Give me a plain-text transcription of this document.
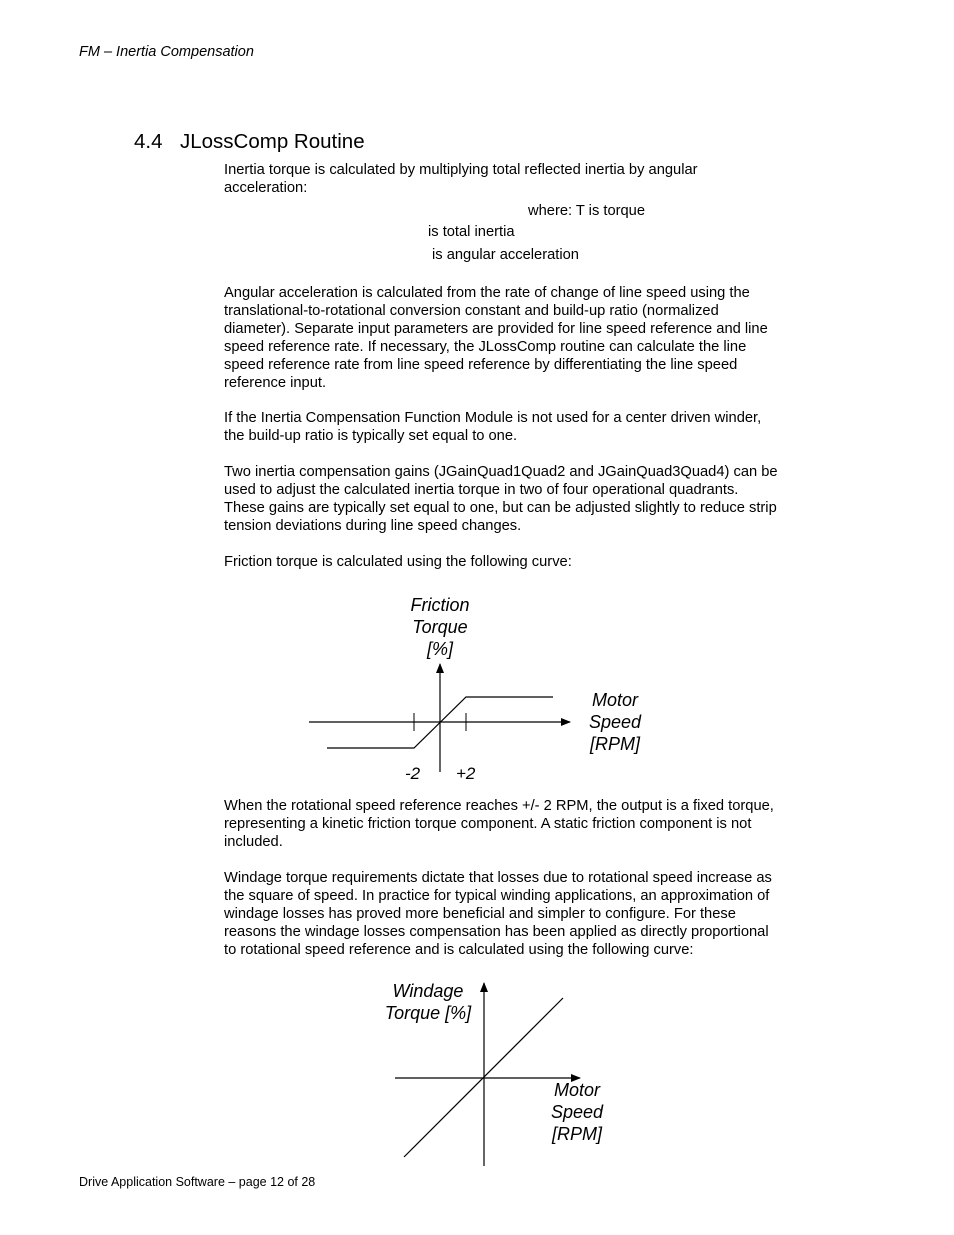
FM – Inertia Compensation
4.4 JLossComp Routine
Inertia torque is calculated by multiplying total reflected inertia by angular
acceleration:
where: T is torque
is total inertia
is angular acceleration
Angular acceleration is calculated from the rate of change of line speed using the
translational-to-rotational conversion constant and build-up ratio (normalized
diameter). Separate input parameters are provided for line speed reference and line
speed reference rate. If necessary, the JLossComp routine can calculate the line
speed reference rate from line speed reference by differentiating the line speed
reference input.
If the Inertia Compensation Function Module is not used for a center driven winder,
the build-up ratio is typically set equal to one.
Two inertia compensation gains (JGainQuad1Quad2 and JGainQuad3Quad4) can be
used to adjust the calculated inertia torque in two of four operational quadrants.
These gains are typically set equal to one, but can be adjusted slightly to reduce strip
tension deviations during line speed changes.
Friction torque is calculated using the following curve:
Friction
Torque
[%]
Motor
Speed
[RPM]
-2 +2
When the rotational speed reference reaches +/- 2 RPM, the output is a fixed torque,
representing a kinetic friction torque component. A static friction component is not
included.
Windage torque requirements dictate that losses due to rotational speed increase as
the square of speed. In practice for typical winding applications, an approximation of
windage losses has proved more beneficial and simpler to configure. For these
reasons the windage losses compensation has been applied as directly proportional
to rotational speed reference and is calculated using the following curve:
Windage
Torque [%]
Motor
Speed
[RPM]
Drive Application Software – page 12 of 28
